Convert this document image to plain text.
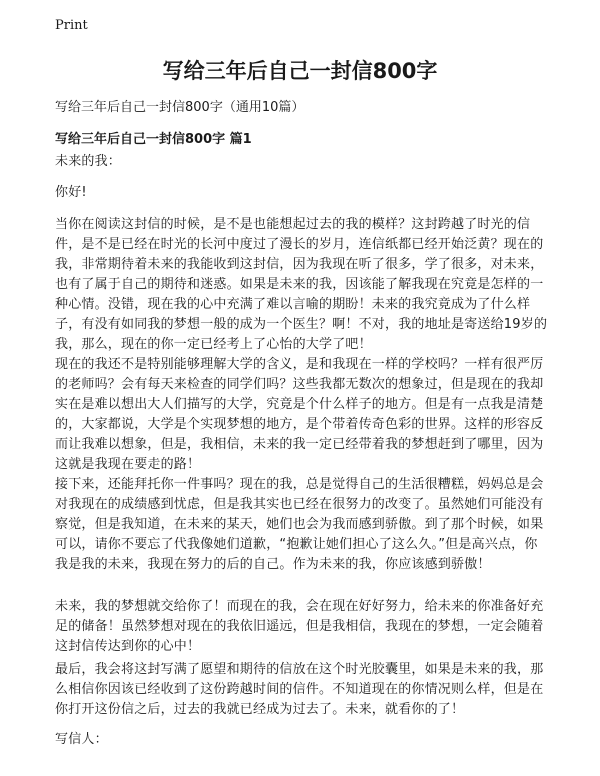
Print
写给三年后自己一封信800字
写给三年后自己一封信800字（通用10篇）
写给三年后自己一封信800字 篇1
未来的我：
你好!
当你在阅读这封信的时候，是不是也能想起过去的我的模样？这封跨越了时光的信件，是不是已经在时光的长河中度过了漫长的岁月，连信纸都已经开始泛黄？现在的我，非常期待着未来的我能收到这封信，因为我现在听了很多，学了很多，对未来，也有了属于自己的期待和迷惑。如果是未来的我，因该能了解我现在究竟是怎样的一种心情。没错，现在我的心中充满了难以言喻的期盼！未来的我究竟成为了什么样子，有没有如同我的梦想一般的成为一个医生？啊！不对，我的地址是寄送给19岁的我，那么，现在的你一定已经考上了心怡的大学了吧！
现在的我还不是特别能够理解大学的含义，是和我现在一样的学校吗？一样有很严厉的老师吗？会有每天来检查的同学们吗？这些我都无数次的想象过，但是现在的我却实在是难以想出大人们描写的大学，究竟是个什么样子的地方。但是有一点我是清楚的，大家都说，大学是个实现梦想的地方，是个带着传奇色彩的世界。这样的形容反而让我难以想象，但是，我相信，未来的我一定已经带着我的梦想赶到了哪里，因为这就是我现在要走的路！
接下来，还能拜托你一件事吗？现在的我，总是觉得自己的生活很糟糕，妈妈总是会对我现在的成绩感到忧虑，但是我其实也已经在很努力的改变了。虽然她们可能没有察觉，但是我知道，在未来的某天，她们也会为我而感到骄傲。到了那个时候，如果可以，请你不要忘了代我像她们道歉，“抱歉让她们担心了这么久。”但是高兴点，你我是我的未来，我现在努力的后的自己。作为未来的我，你应该感到骄傲！
未来，我的梦想就交给你了！而现在的我，会在现在好好努力，给未来的你准备好充足的储备！虽然梦想对现在的我依旧遥远，但是我相信，我现在的梦想，一定会随着这封信传达到你的心中！
最后，我会将这封写满了愿望和期待的信放在这个时光胶囊里，如果是未来的我，那么相信你因该已经收到了这份跨越时间的信件。不知道现在的你情况则么样，但是在你打开这份信之后，过去的我就已经成为过去了。未来，就看你的了！
写信人：
